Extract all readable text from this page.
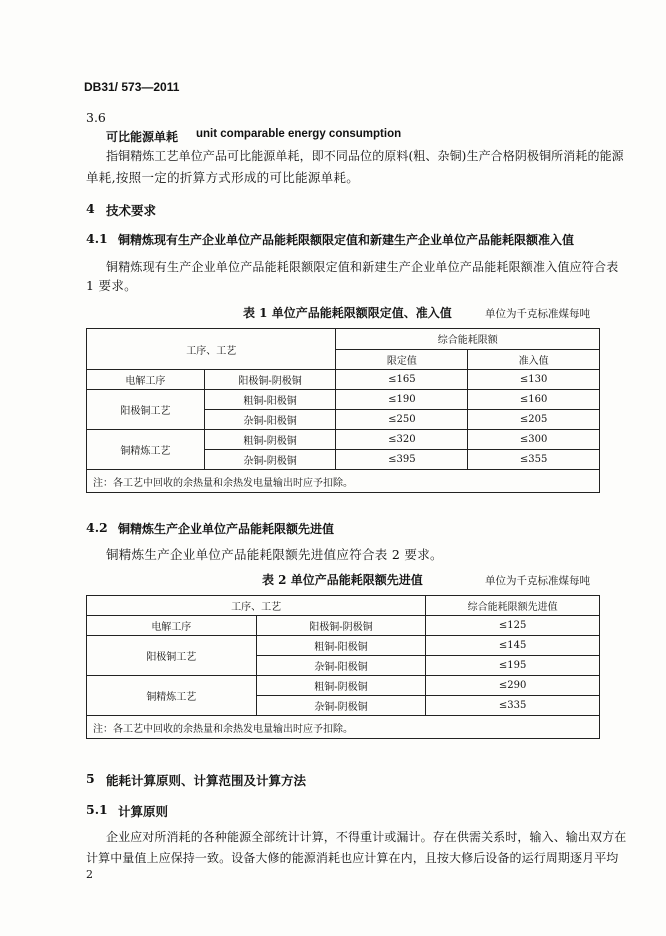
DB31/ 573—2011
3.6
可比能源单耗 unit comparable energy consumption
指铜精炼工艺单位产品可比能源单耗，即不同品位的原料(粗、杂铜)生产合格阴极铜所消耗的能源
单耗,按照一定的折算方式形成的可比能源单耗。
4 技术要求
4.1 铜精炼现有生产企业单位产品能耗限额限定值和新建生产企业单位产品能耗限额准入值
铜精炼现有生产企业单位产品能耗限额限定值和新建生产企业单位产品能耗限额准入值应符合表
1 要求。
表 1 单位产品能耗限额限定值、准入值	单位为千克标准煤每吨
工序、工艺		综合能耗限额	
		限定值	准入值
电解工序	阳极铜-阴极铜	≤165	≤130
阳极铜工艺	粗铜-阳极铜	≤190	≤160
	杂铜-阳极铜	≤250	≤205
铜精炼工艺	粗铜-阴极铜	≤320	≤300
	杂铜-阴极铜	≤395	≤355
注：各工艺中回收的余热量和余热发电量输出时应予扣除。			
4.2 铜精炼生产企业单位产品能耗限额先进值
铜精炼生产企业单位产品能耗限额先进值应符合表 2 要求。
表 2 单位产品能耗限额先进值	单位为千克标准煤每吨
工序、工艺		综合能耗限额先进值
电解工序	阳极铜-阴极铜	≤125
阳极铜工艺	粗铜-阳极铜	≤145
	杂铜-阳极铜	≤195
铜精炼工艺	粗铜-阴极铜	≤290
	杂铜-阴极铜	≤335
注：各工艺中回收的余热量和余热发电量输出时应予扣除。		
5 能耗计算原则、计算范围及计算方法
5.1 计算原则
企业应对所消耗的各种能源全部统计计算，不得重计或漏计。存在供需关系时，输入、输出双方在
计算中量值上应保持一致。设备大修的能源消耗也应计算在内，且按大修后设备的运行周期逐月平均
2
